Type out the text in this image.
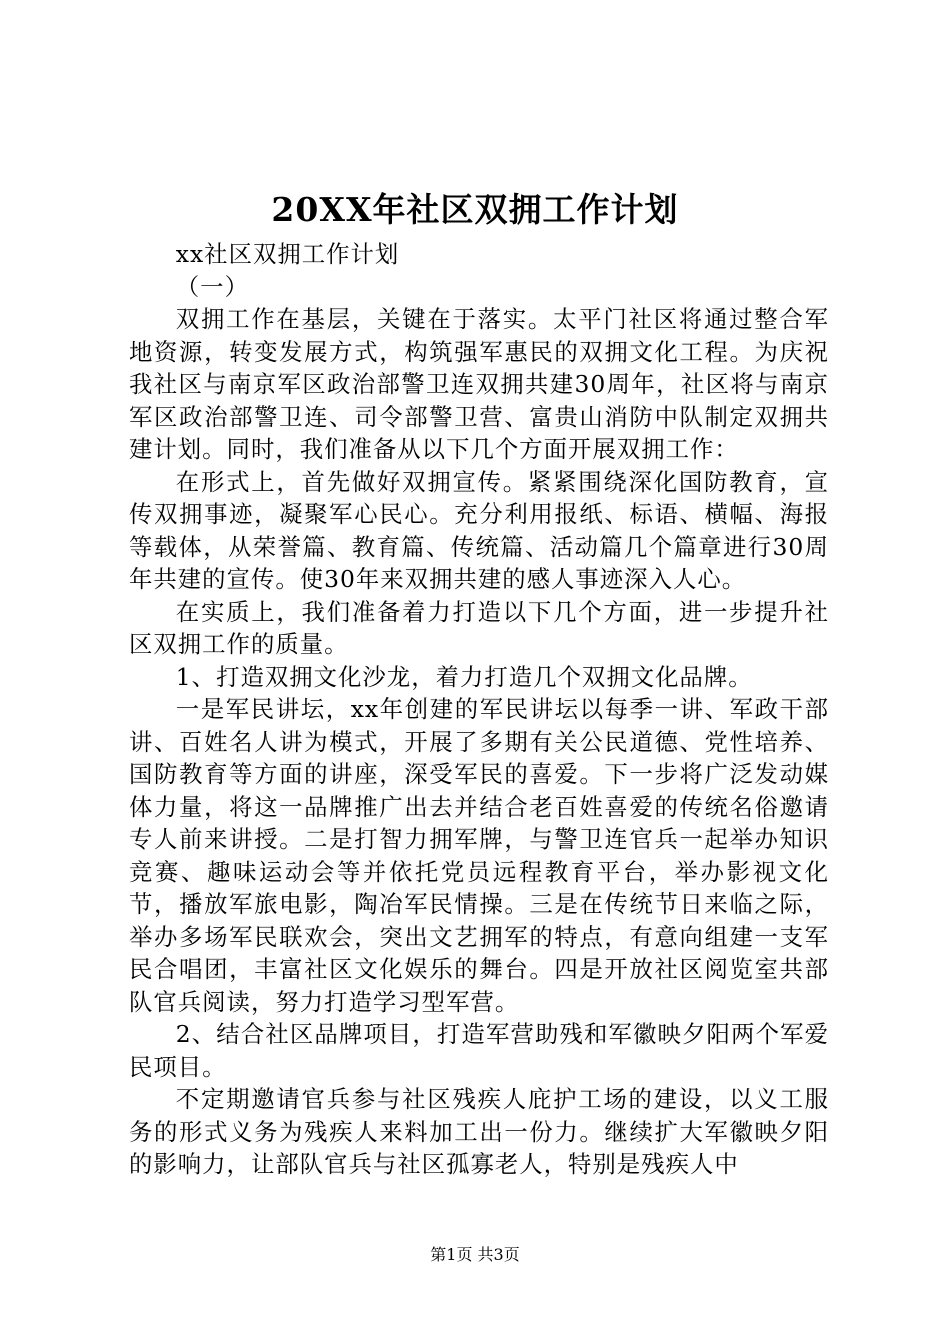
20XX年社区双拥工作计划

xx社区双拥工作计划

（一）

双拥工作在基层，关键在于落实。太平门社区将通过整合军地资源，转变发展方式，构筑强军惠民的双拥文化工程。为庆祝我社区与南京军区政治部警卫连双拥共建30周年，社区将与南京军区政治部警卫连、司令部警卫营、富贵山消防中队制定双拥共建计划。同时，我们准备从以下几个方面开展双拥工作：

在形式上，首先做好双拥宣传。紧紧围绕深化国防教育，宣传双拥事迹，凝聚军心民心。充分利用报纸、标语、横幅、海报等载体，从荣誉篇、教育篇、传统篇、活动篇几个篇章进行30周年共建的宣传。使30年来双拥共建的感人事迹深入人心。

在实质上，我们准备着力打造以下几个方面，进一步提升社区双拥工作的质量。

1、打造双拥文化沙龙，着力打造几个双拥文化品牌。

一是军民讲坛，xx年创建的军民讲坛以每季一讲、军政干部讲、百姓名人讲为模式，开展了多期有关公民道德、党性培养、国防教育等方面的讲座，深受军民的喜爱。下一步将广泛发动媒体力量，将这一品牌推广出去并结合老百姓喜爱的传统名俗邀请专人前来讲授。二是打智力拥军牌，与警卫连官兵一起举办知识竞赛、趣味运动会等并依托党员远程教育平台，举办影视文化节，播放军旅电影，陶冶军民情操。三是在传统节日来临之际，举办多场军民联欢会，突出文艺拥军的特点，有意向组建一支军民合唱团，丰富社区文化娱乐的舞台。四是开放社区阅览室共部队官兵阅读，努力打造学习型军营。

2、结合社区品牌项目，打造军营助残和军徽映夕阳两个军爱民项目。

不定期邀请官兵参与社区残疾人庇护工场的建设，以义工服务的形式义务为残疾人来料加工出一份力。继续扩大军徽映夕阳的影响力，让部队官兵与社区孤寡老人，特别是残疾人中

第1页 共3页
